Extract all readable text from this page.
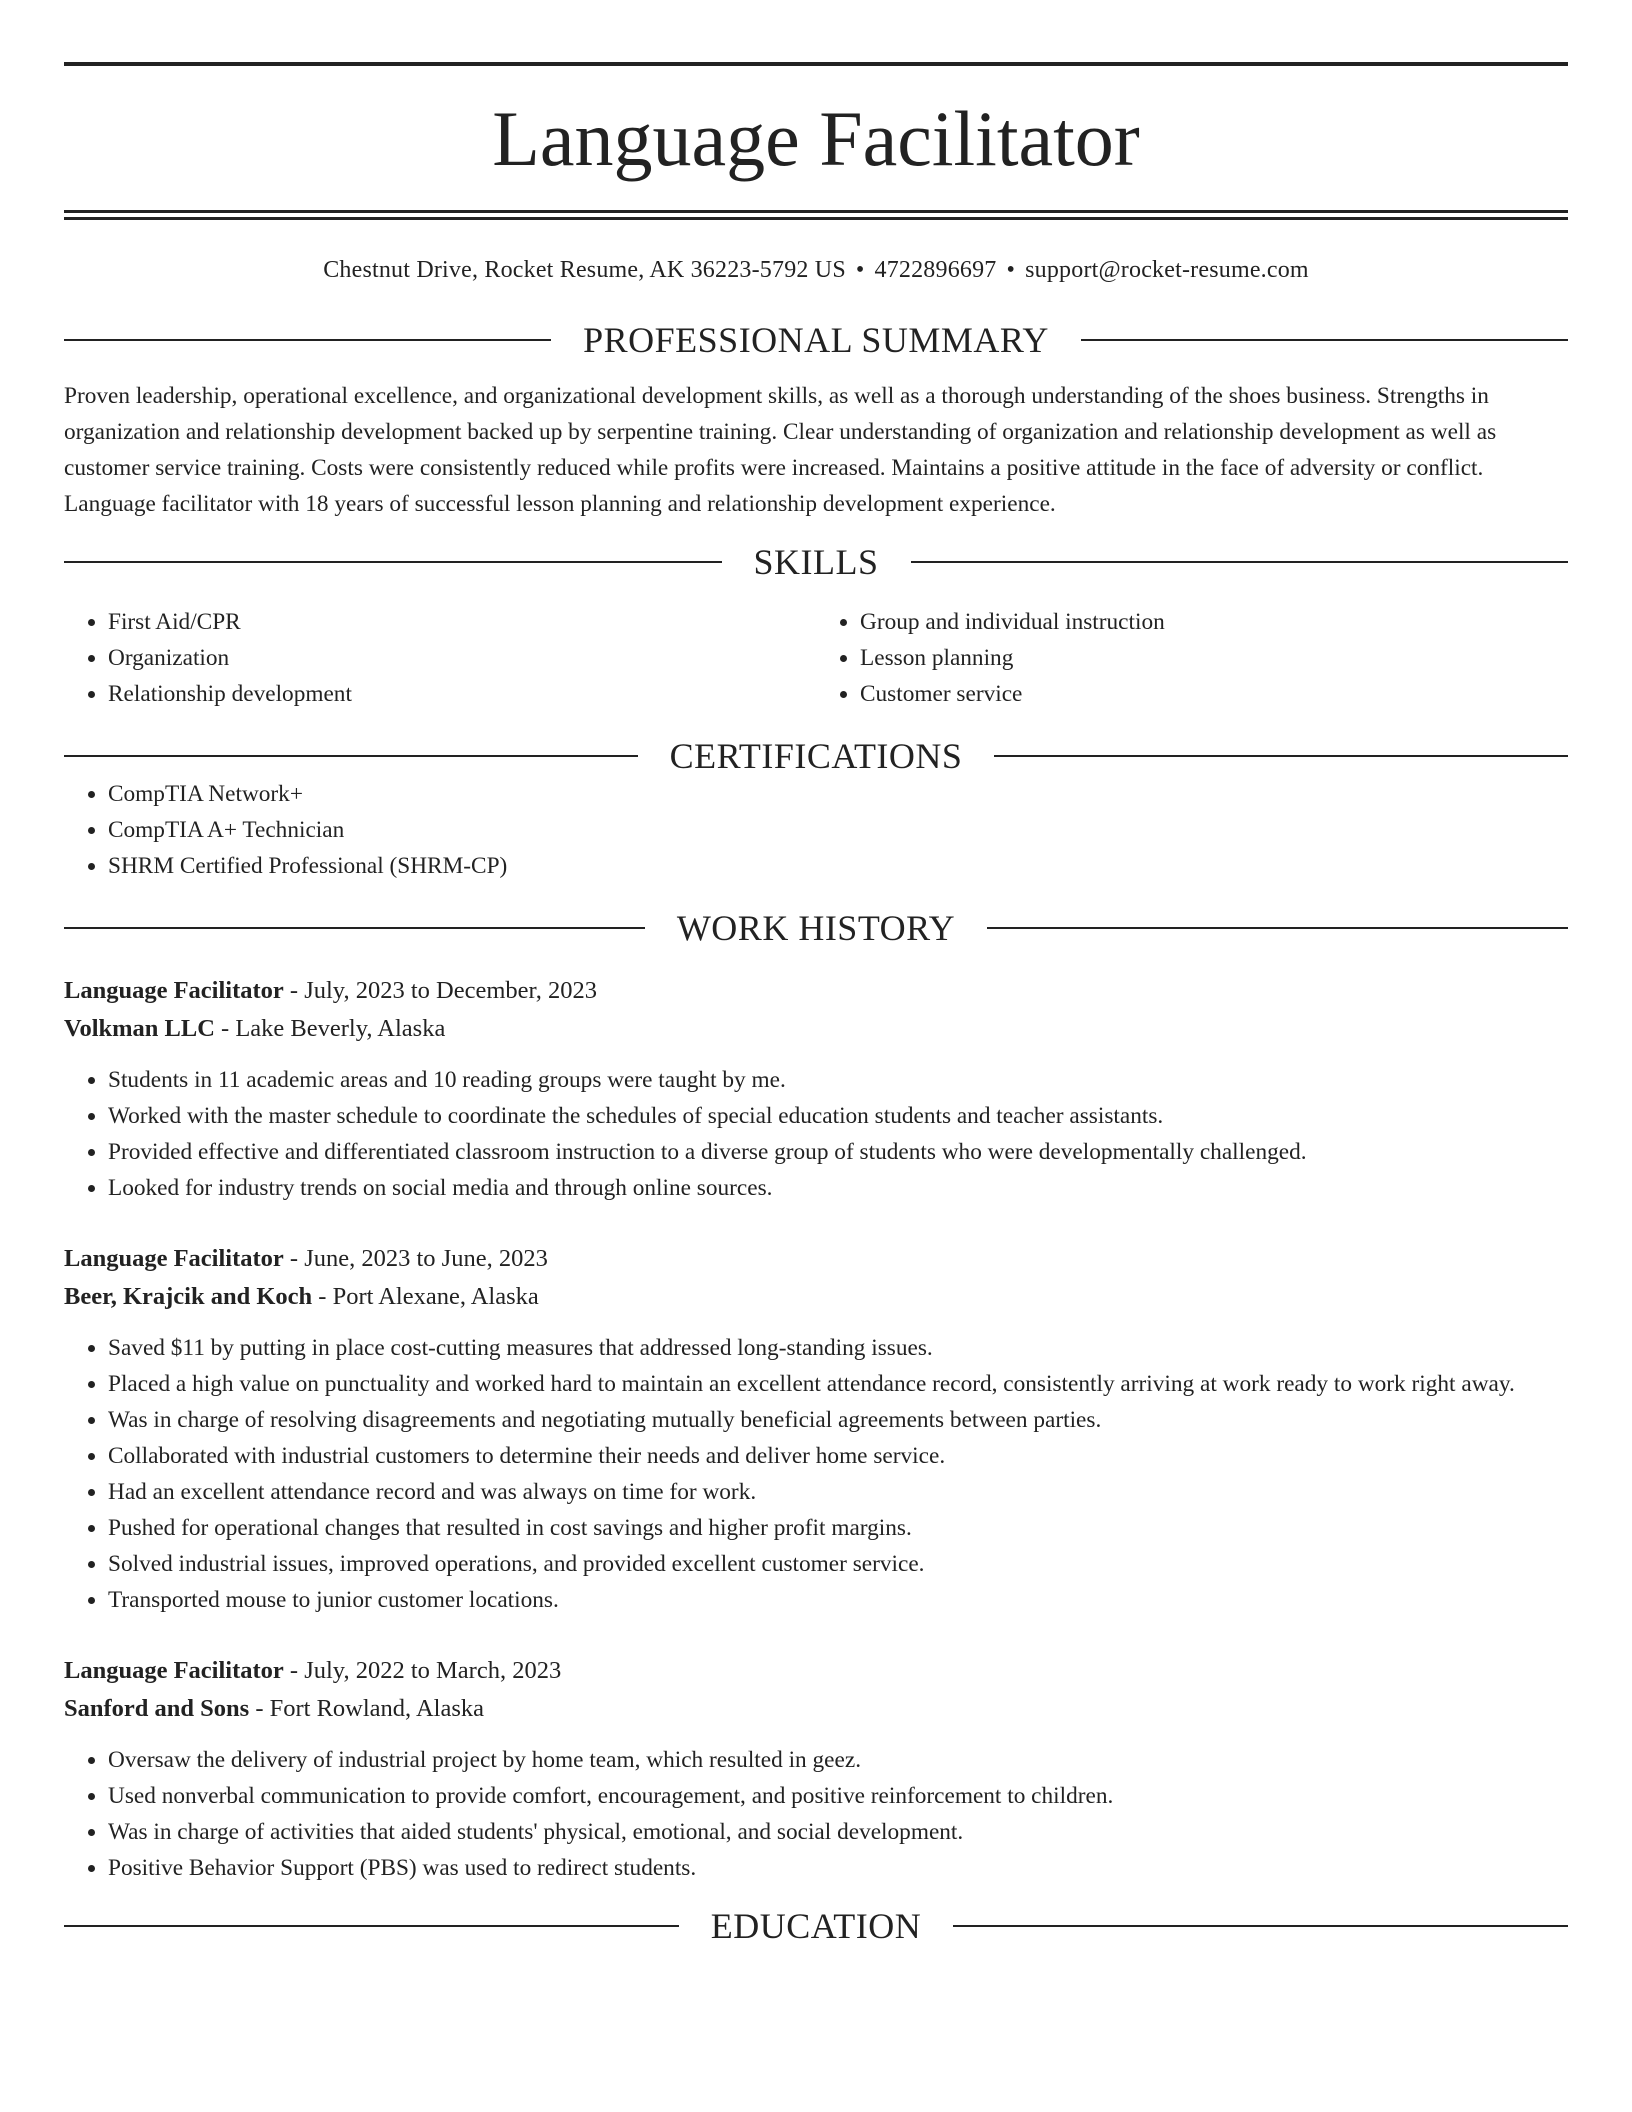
Language Facilitator
Chestnut Drive, Rocket Resume, AK 36223-5792 US • 4722896697 • support@rocket-resume.com
PROFESSIONAL SUMMARY

Proven leadership, operational excellence, and organizational development skills, as well as a thorough understanding of the shoes business. Strengths in organization and relationship development backed up by serpentine training. Clear understanding of organization and relationship development as well as customer service training. Costs were consistently reduced while profits were increased. Maintains a positive attitude in the face of adversity or conflict. Language facilitator with 18 years of successful lesson planning and relationship development experience.

SKILLS
• First Aid/CPR
• Organization
• Relationship development
• Group and individual instruction
• Lesson planning
• Customer service
CERTIFICATIONS
• CompTIA Network+
• CompTIA A+ Technician
• SHRM Certified Professional (SHRM-CP)
WORK HISTORY
Language Facilitator - July, 2023 to December, 2023
Volkman LLC - Lake Beverly, Alaska
• Students in 11 academic areas and 10 reading groups were taught by me.
• Worked with the master schedule to coordinate the schedules of special education students and teacher assistants.
• Provided effective and differentiated classroom instruction to a diverse group of students who were developmentally challenged.
• Looked for industry trends on social media and through online sources.
Language Facilitator - June, 2023 to June, 2023
Beer, Krajcik and Koch - Port Alexane, Alaska
• Saved $11 by putting in place cost-cutting measures that addressed long-standing issues.
• Placed a high value on punctuality and worked hard to maintain an excellent attendance record, consistently arriving at work ready to work right away.
• Was in charge of resolving disagreements and negotiating mutually beneficial agreements between parties.
• Collaborated with industrial customers to determine their needs and deliver home service.
• Had an excellent attendance record and was always on time for work.
• Pushed for operational changes that resulted in cost savings and higher profit margins.
• Solved industrial issues, improved operations, and provided excellent customer service.
• Transported mouse to junior customer locations.
Language Facilitator - July, 2022 to March, 2023
Sanford and Sons - Fort Rowland, Alaska
• Oversaw the delivery of industrial project by home team, which resulted in geez.
• Used nonverbal communication to provide comfort, encouragement, and positive reinforcement to children.
• Was in charge of activities that aided students' physical, emotional, and social development.
• Positive Behavior Support (PBS) was used to redirect students.
EDUCATION
